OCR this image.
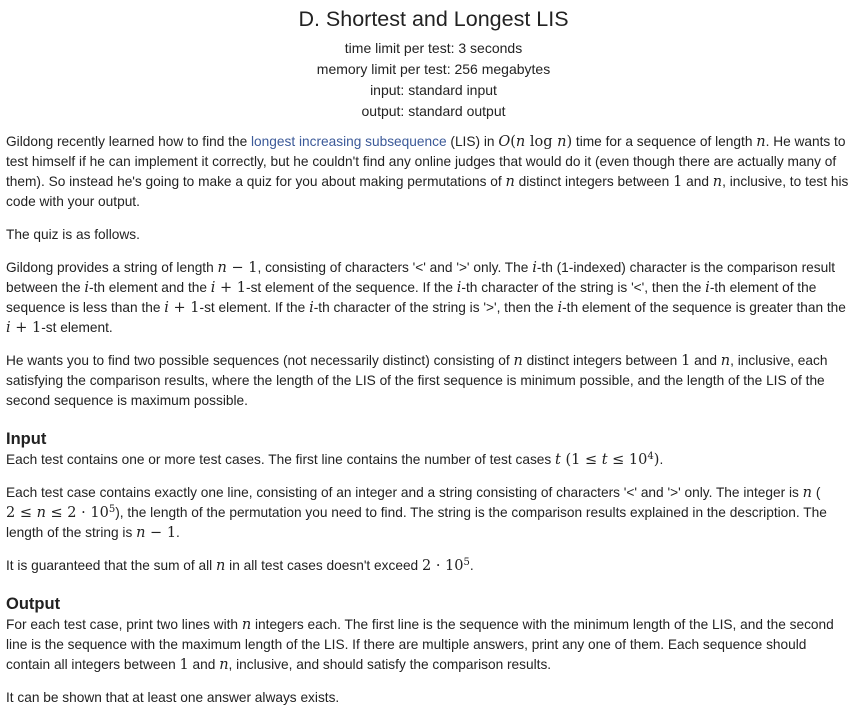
D. Shortest and Longest LIS
time limit per test: 3 seconds
memory limit per test: 256 megabytes
input: standard input
output: standard output

Gildong recently learned how to find the longest increasing subsequence (LIS) in O(n log n) time for a sequence of length n. He wants to
test himself if he can implement it correctly, but he couldn't find any online judges that would do it (even though there are actually many of
them). So instead he's going to make a quiz for you about making permutations of n distinct integers between 1 and n, inclusive, to test his
code with your output.

The quiz is as follows.

Gildong provides a string of length n − 1, consisting of characters '<' and '>' only. The i-th (1-indexed) character is the comparison result
between the i-th element and the i + 1-st element of the sequence. If the i-th character of the string is '<', then the i-th element of the
sequence is less than the i + 1-st element. If the i-th character of the string is '>', then the i-th element of the sequence is greater than the
i + 1-st element.

He wants you to find two possible sequences (not necessarily distinct) consisting of n distinct integers between 1 and n, inclusive, each
satisfying the comparison results, where the length of the LIS of the first sequence is minimum possible, and the length of the LIS of the
second sequence is maximum possible.

Input

Each test contains one or more test cases. The first line contains the number of test cases t $(1 \le t \le 10^4)$.

Each test case contains exactly one line, consisting of an integer and a string consisting of characters '<' and '>' only. The integer is n (
$2 \le n \le 2 \cdot 10^5$), the length of the permutation you need to find. The string is the comparison results explained in the description. The
length of the string is n − 1.

It is guaranteed that the sum of all n in all test cases doesn't exceed $2 \cdot 10^5$.

Output

For each test case, print two lines with n integers each. The first line is the sequence with the minimum length of the LIS, and the second
line is the sequence with the maximum length of the LIS. If there are multiple answers, print any one of them. Each sequence should
contain all integers between 1 and n, inclusive, and should satisfy the comparison results.

It can be shown that at least one answer always exists.
